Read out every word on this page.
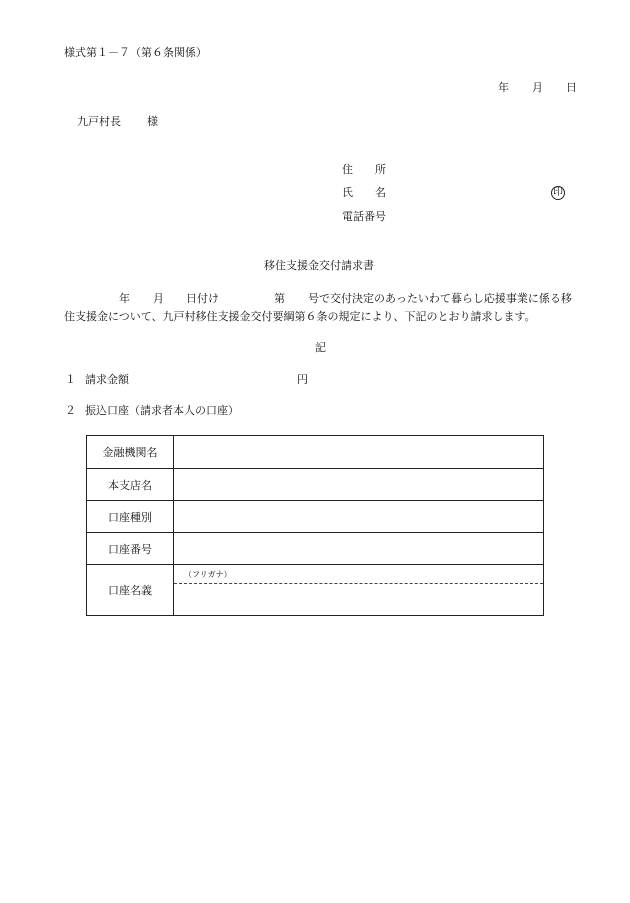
様式第１－７（第６条関係）
年 月 日
九戸村長 様
住 所
氏 名	印
電話番号
移住支援金交付請求書
年 月 日付け	第 号で交付決定のあったいわて暮らし応援事業に係る移
住支援金について、九戸村移住支援金交付要綱第６条の規定により、下記のとおり請求します。
記
１ 請求金額	円
２ 振込口座（請求者本人の口座）
金融機関名	
本支店名	
口座種別	
口座番号	
口座名義	（フリガナ）
